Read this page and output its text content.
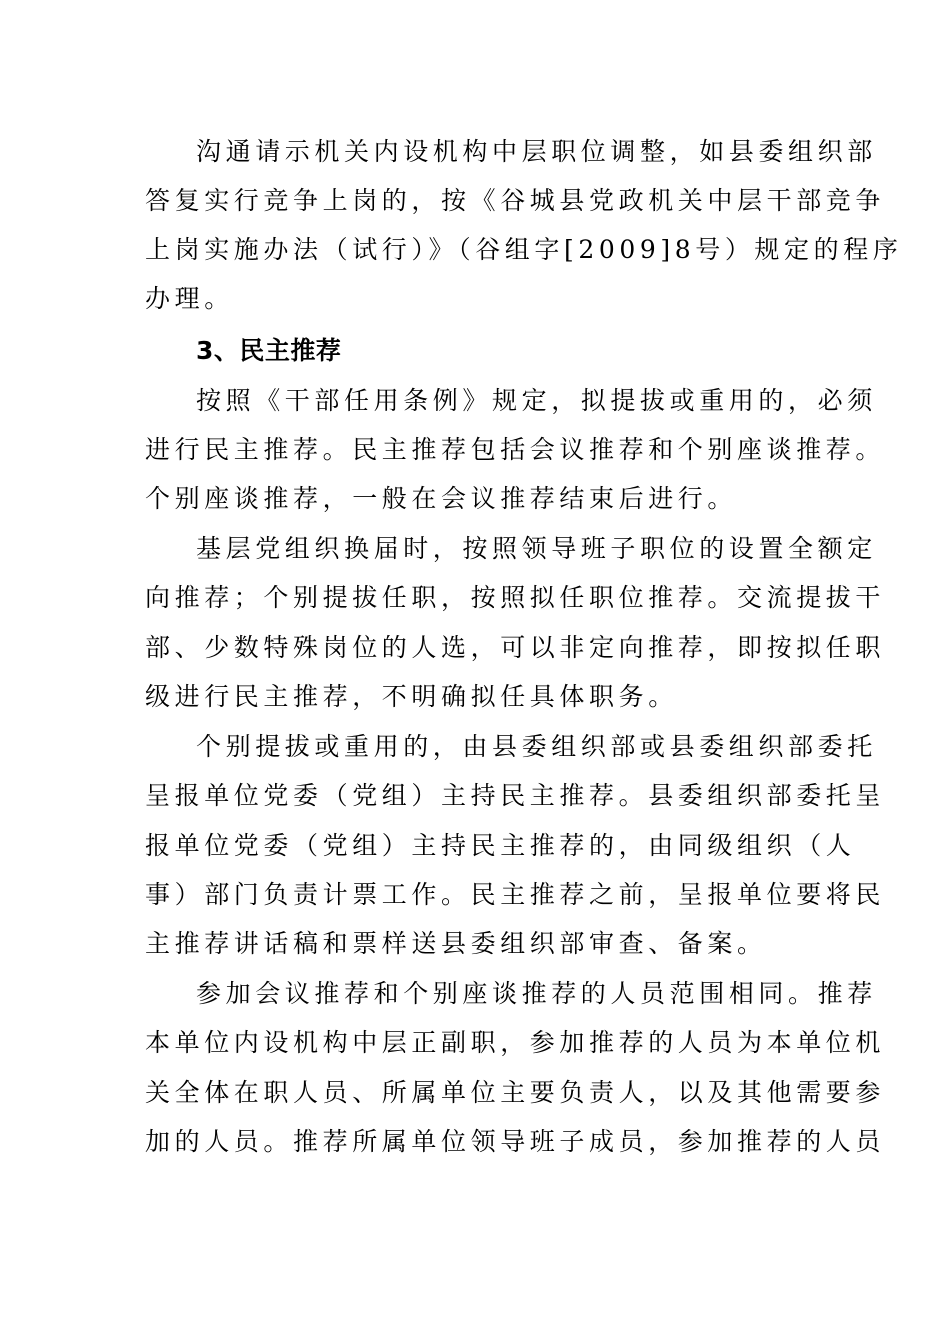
沟通请示机关内设机构中层职位调整，如县委组织部
答复实行竞争上岗的，按《谷城县党政机关中层干部竞争
上岗实施办法（试行）》（谷组字[2009]8号）规定的程序
办理。
3、民主推荐
按照《干部任用条例》规定，拟提拔或重用的，必须
进行民主推荐。民主推荐包括会议推荐和个别座谈推荐。
个别座谈推荐，一般在会议推荐结束后进行。
基层党组织换届时，按照领导班子职位的设置全额定
向推荐；个别提拔任职，按照拟任职位推荐。交流提拔干
部、少数特殊岗位的人选，可以非定向推荐，即按拟任职
级进行民主推荐，不明确拟任具体职务。
个别提拔或重用的，由县委组织部或县委组织部委托
呈报单位党委（党组）主持民主推荐。县委组织部委托呈
报单位党委（党组）主持民主推荐的，由同级组织（人
事）部门负责计票工作。民主推荐之前，呈报单位要将民
主推荐讲话稿和票样送县委组织部审查、备案。
参加会议推荐和个别座谈推荐的人员范围相同。推荐
本单位内设机构中层正副职，参加推荐的人员为本单位机
关全体在职人员、所属单位主要负责人，以及其他需要参
加的人员。推荐所属单位领导班子成员，参加推荐的人员
